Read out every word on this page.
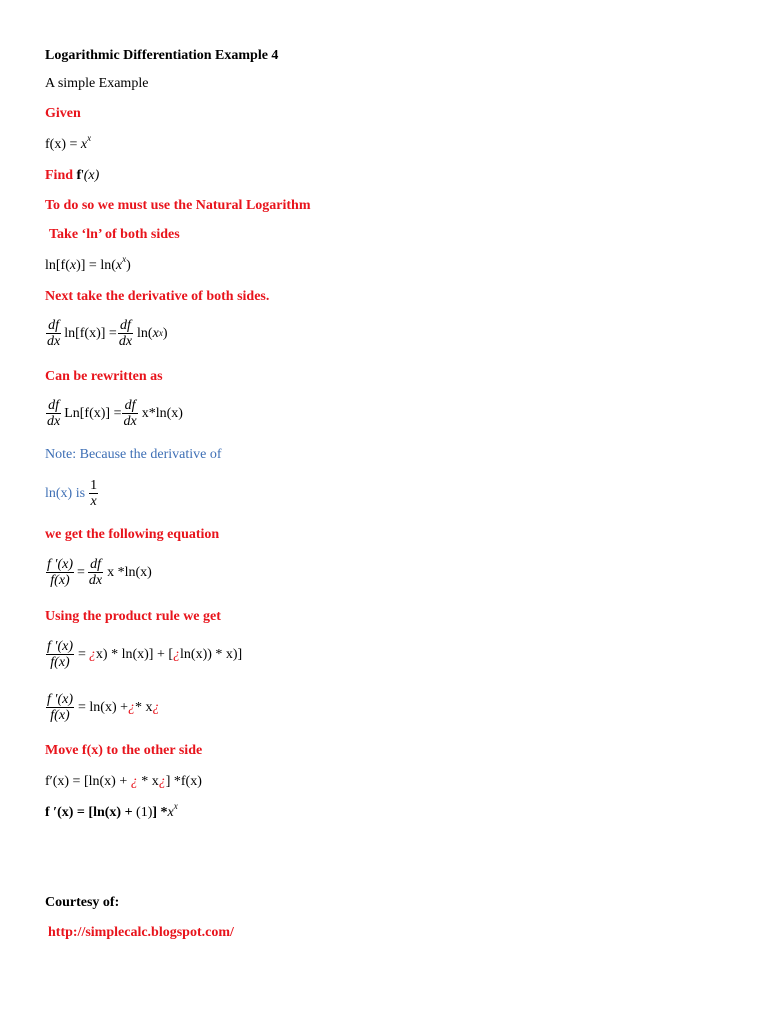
Logarithmic Differentiation Example 4
A simple Example
Given
$f(x) = x^x$
Find f'(x)
To do so we must use the Natural Logarithm
Take ‘ln’ of both sides
$\ln[f(x)] = \ln(x^x)$
Next take the derivative of both sides.
$\frac{df}{dx} \ln[f(x)] = \frac{df}{dx} \ln$( $x^x$ )
Can be rewritten as
$\frac{df}{dx} Ln[f(x)] = \frac{df}{dx} x*\ln(x)$
Note: Because the derivative of
ln(x) is $\frac{1}{x}$
we get the following equation
$\frac{f '(x)}{f(x)} = \frac{df}{dx}$ x *ln(x)
Using the product rule we get
$\frac{f '(x)}{f(x)}$ = ¿ x) * ln(x)] + [ ¿ ln(x)) * x)]
$\frac{f '(x)}{f(x)} = \ln(x)$ + ¿ * x ¿
Move f(x) to the other side
f′(x) = [ln(x) + ¿ * x¿] *f(x)
f ′(x) = [ln(x) + (1)] $*x^x$
Courtesy of:
http://simplecalc.blogspot.com/
